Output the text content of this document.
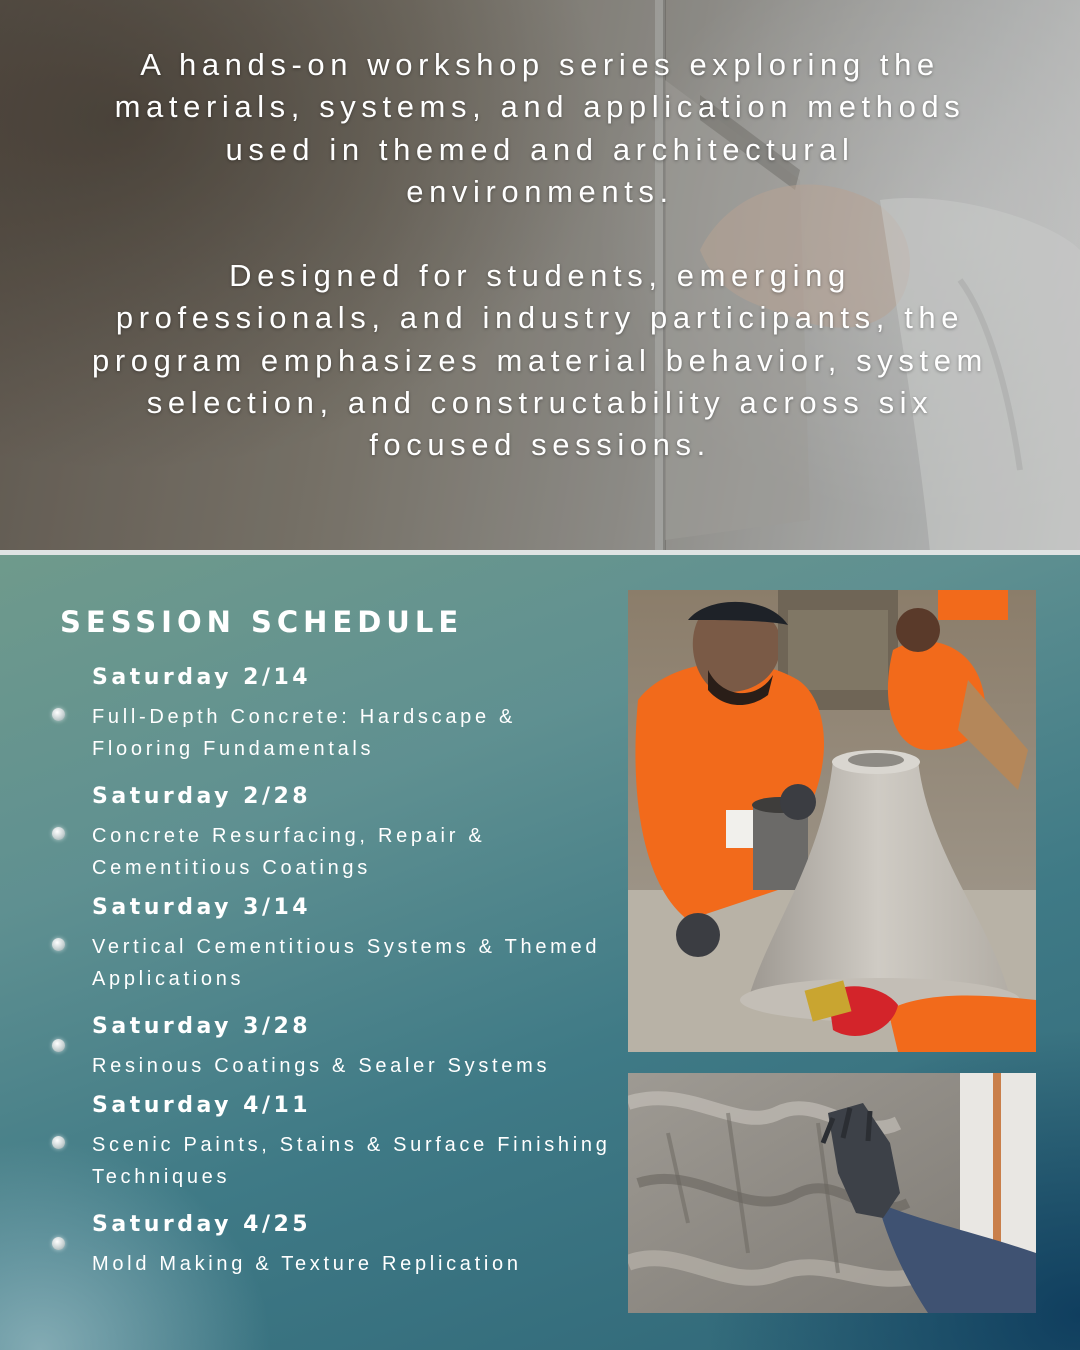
A hands-on workshop series exploring the materials, systems, and application methods used in themed and architectural environments.

Designed for students, emerging professionals, and industry participants, the program emphasizes material behavior, system selection, and constructability across six focused sessions.

SESSION SCHEDULE

Saturday 2/14

Full-Depth Concrete: Hardscape & Flooring Fundamentals

Saturday 2/28

Concrete Resurfacing, Repair & Cementitious Coatings

Saturday 3/14

Vertical Cementitious Systems & Themed Applications

Saturday 3/28

Resinous Coatings & Sealer Systems

Saturday 4/11

Scenic Paints, Stains & Surface Finishing Techniques

Saturday 4/25

Mold Making & Texture Replication
